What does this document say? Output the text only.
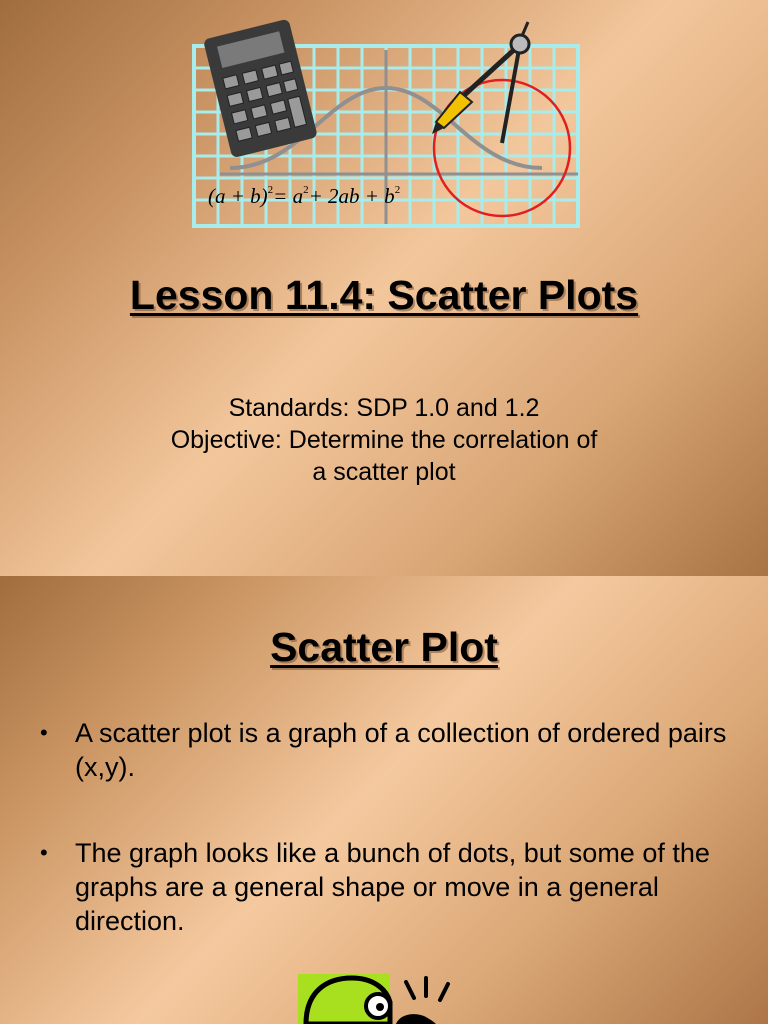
$(a + b)^2= a^2+ 2ab + b^2$
Lesson 11.4: Scatter Plots
Standards: SDP 1.0 and 1.2
Objective: Determine the correlation of
a scatter plot
Scatter Plot
• A scatter plot is a graph of a collection of ordered pairs (x,y).
• The graph looks like a bunch of dots, but some of the graphs are a general shape or move in a general direction.
